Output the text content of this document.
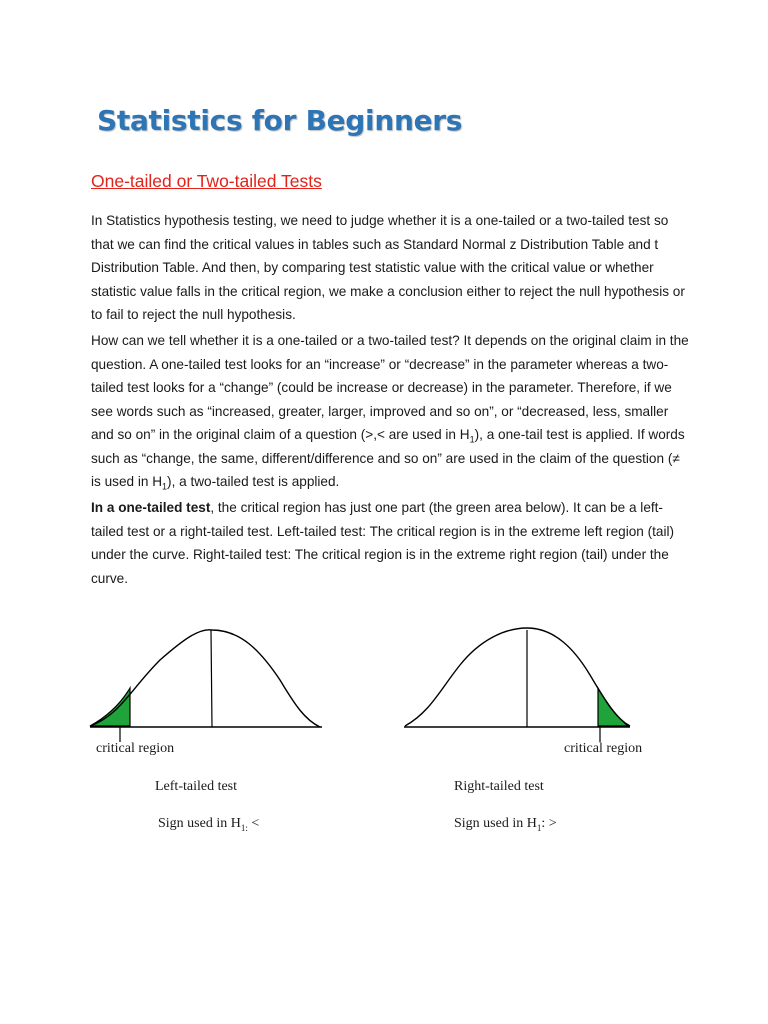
Statistics for Beginners
One-tailed or Two-tailed Tests

In Statistics hypothesis testing, we need to judge whether it is a one-tailed or a two-tailed test so that we can find the critical values in tables such as Standard Normal z Distribution Table and t Distribution Table. And then, by comparing test statistic value with the critical value or whether statistic value falls in the critical region, we make a conclusion either to reject the null hypothesis or to fail to reject the null hypothesis.

How can we tell whether it is a one-tailed or a two-tailed test? It depends on the original claim in the question. A one-tailed test looks for an “increase” or “decrease” in the parameter whereas a two-tailed test looks for a “change” (could be increase or decrease) in the parameter. Therefore, if we see words such as “increased, greater, larger, improved and so on”, or “decreased, less, smaller and so on” in the original claim of a question (>,< are used in $H_1$), a one-tail test is applied. If words such as “change, the same, different/difference and so on” are used in the claim of the question (≠ is used in $H_1$), a two-tailed test is applied.

In a one-tailed test, the critical region has just one part (the green area below). It can be a left-tailed test or a right-tailed test. Left-tailed test: The critical region is in the extreme left region (tail) under the curve. Right-tailed test: The critical region is in the extreme right region (tail) under the curve.

critical region	critical region
Left-tailed test	Right-tailed test
Sign used in $H_{1:}$ <	Sign used in $H_1$: >
